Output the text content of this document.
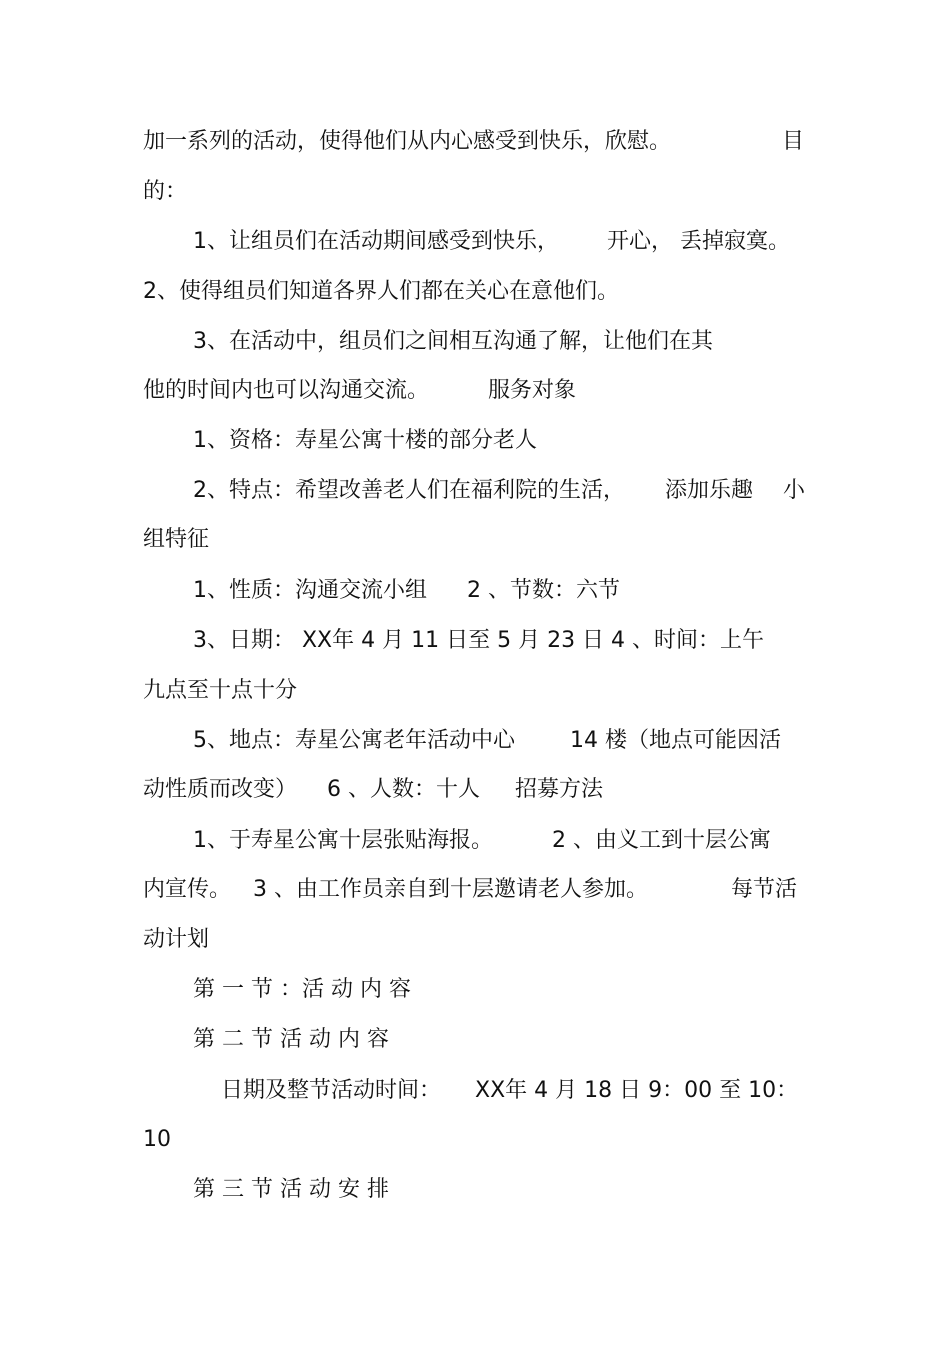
加一系列的活动，使得他们从内心感受到快乐，欣慰。	目

的：

1、让组员们在活动期间感受到快乐， 开心， 丢掉寂寞。

2、使得组员们知道各界人们都在关心在意他们。

3、在活动中，组员们之间相互沟通了解，让他们在其

他的时间内也可以沟通交流。	服务对象

1、资格：寿星公寓十楼的部分老人

2、特点：希望改善老人们在福利院的生活， 添加乐趣 小

组特征

1、性质：沟通交流小组 2 、节数：六节

3、日期： XX年 4 月 11 日至 5 月 23 日 4 、时间：上午

九点至十点十分

5、地点：寿星公寓老年活动中心	14 楼（地点可能因活

动性质而改变） 6 、人数：十人 招募方法

1、于寿星公寓十层张贴海报。	2 、由义工到十层公寓

内宣传。 3 、由工作员亲自到十层邀请老人参加。	每节活

动计划

第 一 节 ：活 动 内 容

第 二 节 活 动 内 容

日期及整节活动时间： XX年 4 月 18 日 9：00 至 10：

10

第 三 节 活 动 安 排
